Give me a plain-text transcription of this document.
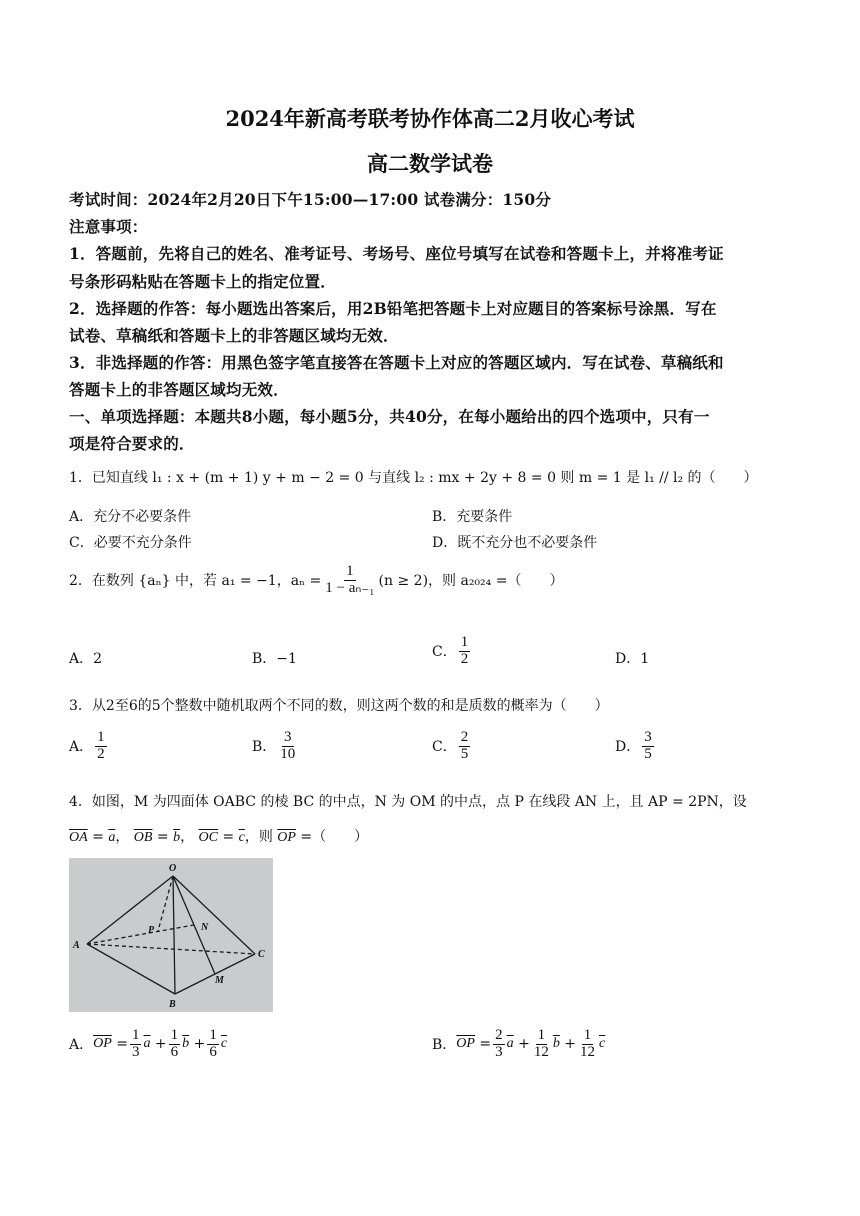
2024年新高考联考协作体高二2月收心考试
高二数学试卷
考试时间：2024年2月20日下午15:00—17:00 试卷满分：150分
注意事项：
1．答题前，先将自己的姓名、准考证号、考场号、座位号填写在试卷和答题卡上，并将准考证
号条形码粘贴在答题卡上的指定位置．
2．选择题的作答：每小题选出答案后，用2B铅笔把答题卡上对应题目的答案标号涂黑．写在
试卷、草稿纸和答题卡上的非答题区域均无效．
3．非选择题的作答：用黑色签字笔直接答在答题卡上对应的答题区域内．写在试卷、草稿纸和
答题卡上的非答题区域均无效．
一、单项选择题：本题共8小题，每小题5分，共40分，在每小题给出的四个选项中，只有一
项是符合要求的．
1．已知直线 l₁ : x + (m + 1) y + m − 2 = 0 与直线 l₂ : mx + 2y + 8 = 0 则 m = 1 是 l₁ // l₂ 的（　　）
A．充分不必要条件	B．充要条件
C．必要不充分条件	D．既不充分也不必要条件
2．在数列 {aₙ} 中，若 a₁ = −1，$a_n = \frac{1}{\text{1 − aₙ₋₁}} (n \ge 2)$，则 a₂₀₂₄ =（　　）
A．2	B．−1	C． $\frac{1}{2}$	D．1
3．从2至6的5个整数中随机取两个不同的数，则这两个数的和是质数的概率为（　　）
A． $\frac{1}{2}$	B． $\frac{3}{10}$	C． $\frac{2}{5}$	D． $\frac{3}{5}$
4．如图，M 为四面体 OABC 的棱 BC 的中点，N 为 OM 的中点，点 P 在线段 AN 上，且 AP = 2PN，设
$\overline{OA} = \overline{a}$， $\overline{OB} = \overline{b}$， $\overline{OC} = \overline{c}$，则 $\overline{OP}$ =（　　）
O
A
B
C
M
N
P
A． $\overline{OP} = \frac{1}{3} \overline{a} + \frac{1}{6} \overline{b} + \frac{1}{6} \overline{c}$	B． $\overline{OP} = \frac{2}{3} \overline{a} + \frac{1}{12} \overline{b} + \frac{1}{12} \overline{c}$
